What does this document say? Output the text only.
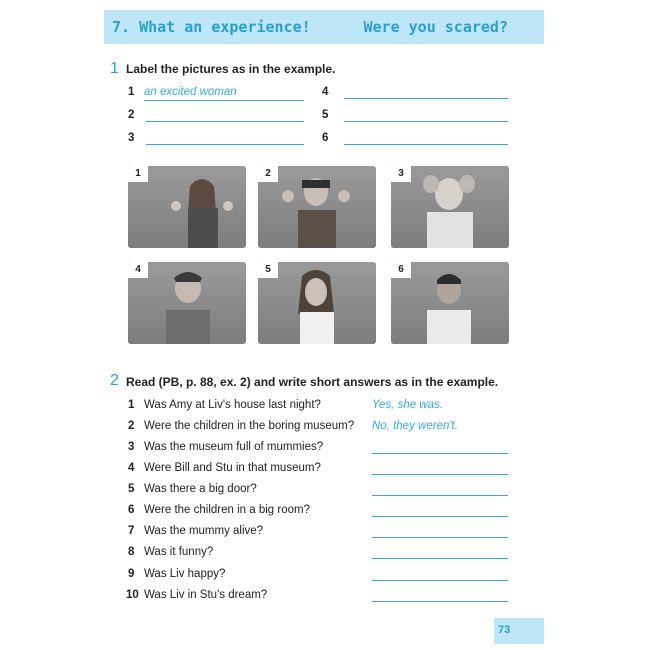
7. What an experience!	Were you scared?
1 Label the pictures as in the example.
1 an excited woman
2
3
4
5
6
1	2	3
4	5	6
2 Read (PB, p. 88, ex. 2) and write short answers as in the example.
1 Was Amy at Liv's house last night?	Yes, she was.
2 Were the children in the boring museum? No, they weren't.
3 Was the museum full of mummies?
4 Were Bill and Stu in that museum?
5 Was there a big door?
6 Were the children in a big room?
7 Was the mummy alive?
8 Was it funny?
9 Was Liv happy?
10 Was Liv in Stu's dream?
73
